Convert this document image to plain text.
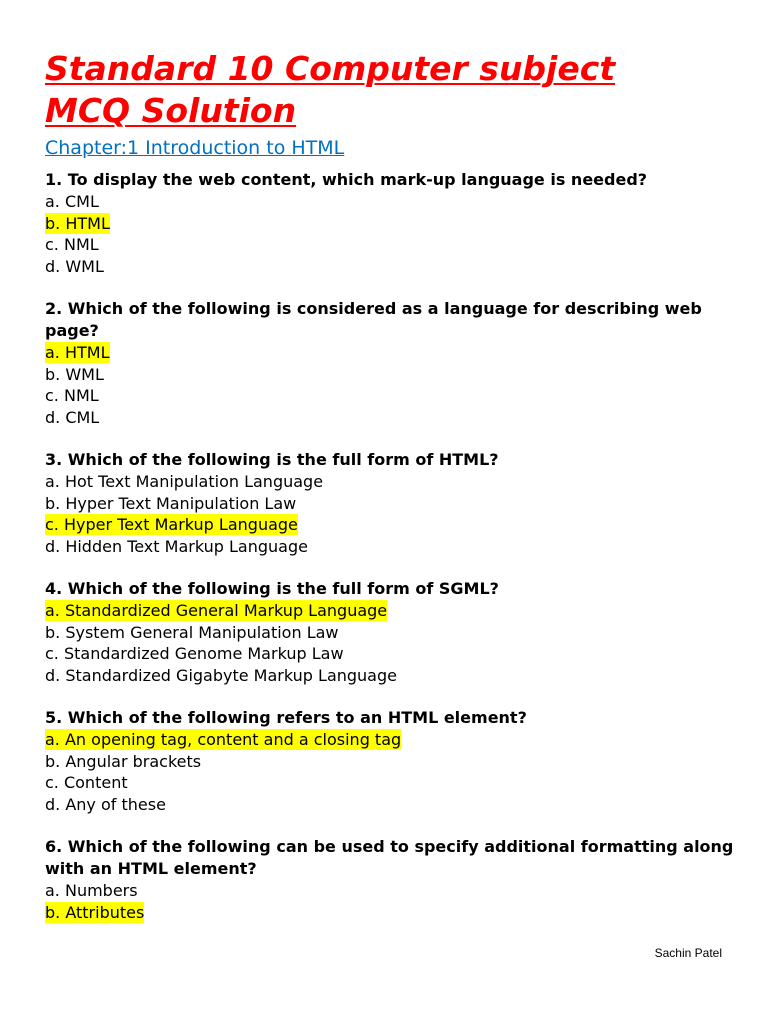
Standard 10 Computer subject
MCQ Solution
Chapter:1 Introduction to HTML

1. To display the web content, which mark-up language is needed?

a. CML
b. HTML
c. NML
d. WML

2. Which of the following is considered as a language for describing web page?

a. HTML
b. WML
c. NML
d. CML

3. Which of the following is the full form of HTML?

a. Hot Text Manipulation Language
b. Hyper Text Manipulation Law
c. Hyper Text Markup Language
d. Hidden Text Markup Language

4. Which of the following is the full form of SGML?

a. Standardized General Markup Language
b. System General Manipulation Law
c. Standardized Genome Markup Law
d. Standardized Gigabyte Markup Language

5. Which of the following refers to an HTML element?

a. An opening tag, content and a closing tag
b. Angular brackets
c. Content
d. Any of these

6. Which of the following can be used to specify additional formatting along with an HTML element?

a. Numbers
b. Attributes
Sachin Patel
